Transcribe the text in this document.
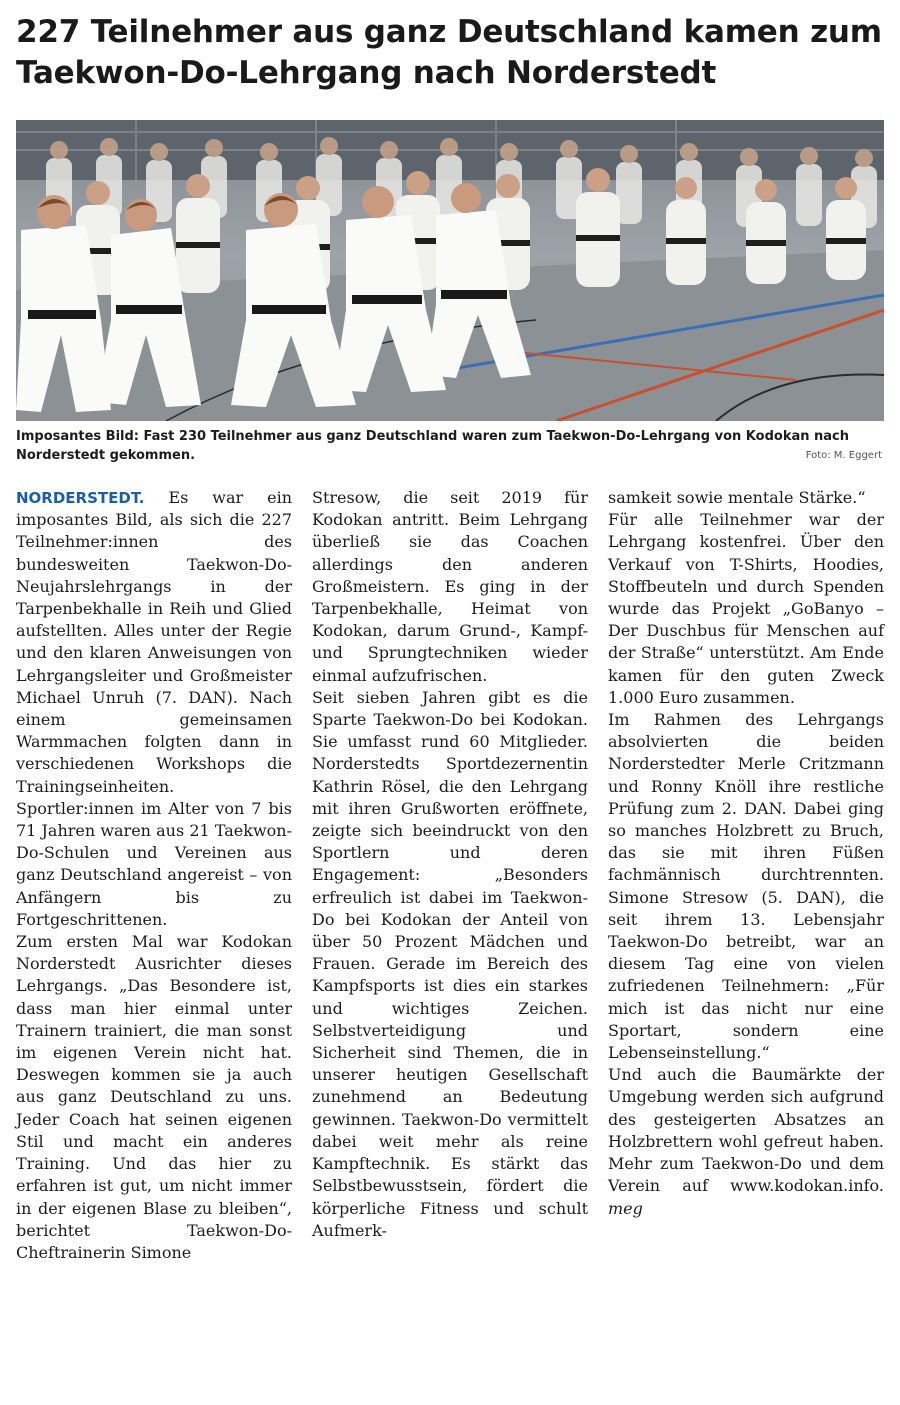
227 Teilnehmer aus ganz Deutschland kamen zum Taekwon-Do-Lehrgang nach Norderstedt
Imposantes Bild: Fast 230 Teilnehmer aus ganz Deutschland waren zum Taekwon-Do-Lehrgang von Kodokan nach Norderstedt gekommen.	Foto: M. Eggert

NORDERSTEDT. Es war ein imposantes Bild, als sich die 227 Teilnehmer:innen des bundesweiten Taekwon-Do-Neujahrslehrgangs in der Tarpenbekhalle in Reih und Glied aufstellten. Alles unter der Regie und den klaren Anweisungen von Lehrgangsleiter und Großmeister Michael Unruh (7. DAN). Nach einem gemeinsamen Warmmachen folgten dann in verschiedenen Workshops die Trainingseinheiten. Sportler:innen im Alter von 7 bis 71 Jahren waren aus 21 Taekwon-Do-Schulen und Vereinen aus ganz Deutschland angereist – von Anfängern bis zu Fortgeschrittenen.

Zum ersten Mal war Kodokan Norderstedt Ausrichter dieses Lehrgangs. „Das Besondere ist, dass man hier einmal unter Trainern trainiert, die man sonst im eigenen Verein nicht hat. Deswegen kommen sie ja auch aus ganz Deutschland zu uns. Jeder Coach hat seinen eigenen Stil und macht ein anderes Training. Und das hier zu erfahren ist gut, um nicht immer in der eigenen Blase zu bleiben“, berichtet Taekwon-Do-Cheftrainerin Simone

Stresow, die seit 2019 für Kodokan antritt. Beim Lehrgang überließ sie das Coachen allerdings den anderen Großmeistern. Es ging in der Tarpenbekhalle, Heimat von Kodokan, darum Grund-, Kampf- und Sprungtechniken wieder einmal aufzufrischen.

Seit sieben Jahren gibt es die Sparte Taekwon-Do bei Kodokan. Sie umfasst rund 60 Mitglieder. Norderstedts Sportdezernentin Kathrin Rösel, die den Lehrgang mit ihren Grußworten eröffnete, zeigte sich beeindruckt von den Sportlern und deren Engagement: „Besonders erfreulich ist dabei im Taekwon-Do bei Kodokan der Anteil von über 50 Prozent Mädchen und Frauen. Gerade im Bereich des Kampfsports ist dies ein starkes und wichtiges Zeichen. Selbstverteidigung und Sicherheit sind Themen, die in unserer heutigen Gesellschaft zunehmend an Bedeutung gewinnen. Taekwon-Do vermittelt dabei weit mehr als reine Kampftechnik. Es stärkt das Selbstbewusstsein, fördert die körperliche Fitness und schult Aufmerk-

samkeit sowie mentale Stärke.“

Für alle Teilnehmer war der Lehrgang kostenfrei. Über den Verkauf von T-Shirts, Hoodies, Stoffbeuteln und durch Spenden wurde das Projekt „GoBanyo – Der Duschbus für Menschen auf der Straße“ unterstützt. Am Ende kamen für den guten Zweck 1.000 Euro zusammen.

Im Rahmen des Lehrgangs absolvierten die beiden Norderstedter Merle Critzmann und Ronny Knöll ihre restliche Prüfung zum 2. DAN. Dabei ging so manches Holzbrett zu Bruch, das sie mit ihren Füßen fachmännisch durchtrennten. Simone Stresow (5. DAN), die seit ihrem 13. Lebensjahr Taekwon-Do betreibt, war an diesem Tag eine von vielen zufriedenen Teilnehmern: „Für mich ist das nicht nur eine Sportart, sondern eine Lebenseinstellung.“

Und auch die Baumärkte der Umgebung werden sich aufgrund des gesteigerten Absatzes an Holzbrettern wohl gefreut haben. Mehr zum Taekwon-Do und dem Verein auf www.kodokan.info. meg
